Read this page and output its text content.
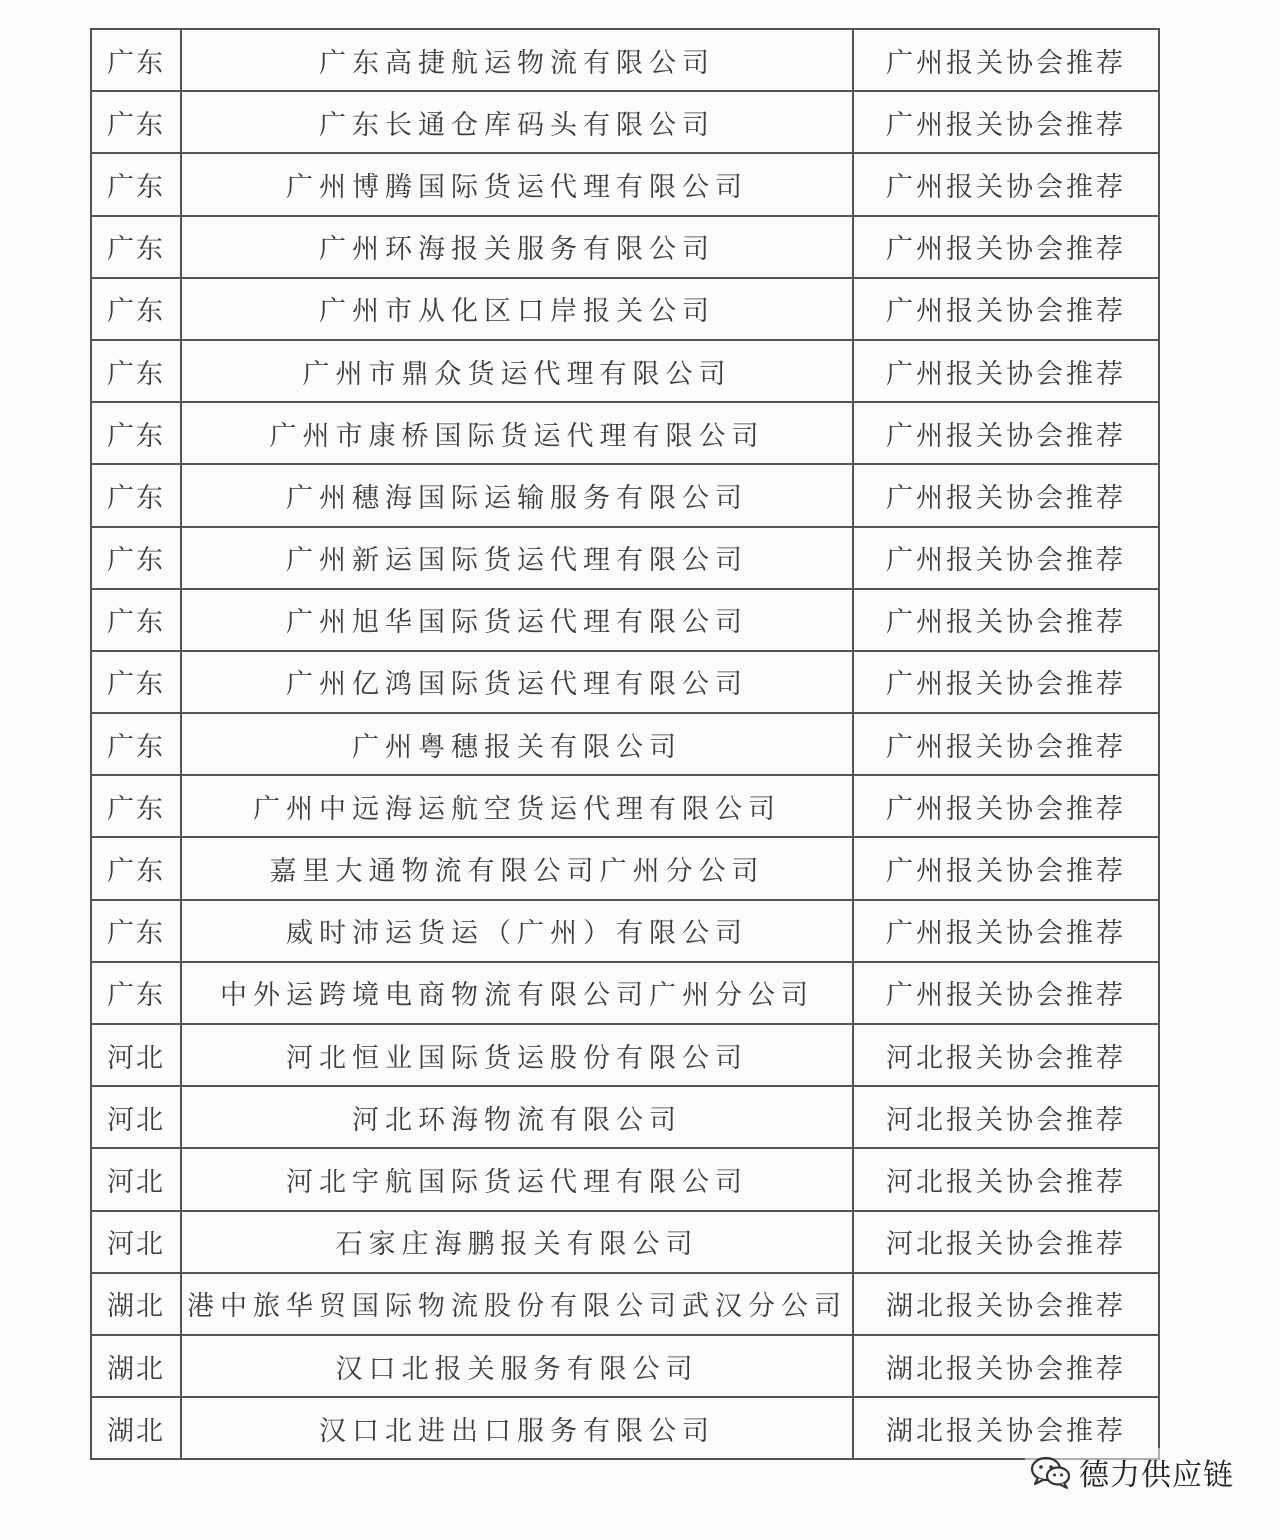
广东	广东高捷航运物流有限公司	广州报关协会推荐
广东	广东长通仓库码头有限公司	广州报关协会推荐
广东	广州博腾国际货运代理有限公司	广州报关协会推荐
广东	广州环海报关服务有限公司	广州报关协会推荐
广东	广州市从化区口岸报关公司	广州报关协会推荐
广东	广州市鼎众货运代理有限公司	广州报关协会推荐
广东	广州市康桥国际货运代理有限公司	广州报关协会推荐
广东	广州穗海国际运输服务有限公司	广州报关协会推荐
广东	广州新运国际货运代理有限公司	广州报关协会推荐
广东	广州旭华国际货运代理有限公司	广州报关协会推荐
广东	广州亿鸿国际货运代理有限公司	广州报关协会推荐
广东	广州粤穗报关有限公司	广州报关协会推荐
广东	广州中远海运航空货运代理有限公司	广州报关协会推荐
广东	嘉里大通物流有限公司广州分公司	广州报关协会推荐
广东	威时沛运货运（广州）有限公司	广州报关协会推荐
广东	中外运跨境电商物流有限公司广州分公司	广州报关协会推荐
河北	河北恒业国际货运股份有限公司	河北报关协会推荐
河北	河北环海物流有限公司	河北报关协会推荐
河北	河北宇航国际货运代理有限公司	河北报关协会推荐
河北	石家庄海鹏报关有限公司	河北报关协会推荐
湖北	港中旅华贸国际物流股份有限公司武汉分公司	湖北报关协会推荐
湖北	汉口北报关服务有限公司	湖北报关协会推荐
湖北	汉口北进出口服务有限公司	湖北报关协会推荐
德力供应链
